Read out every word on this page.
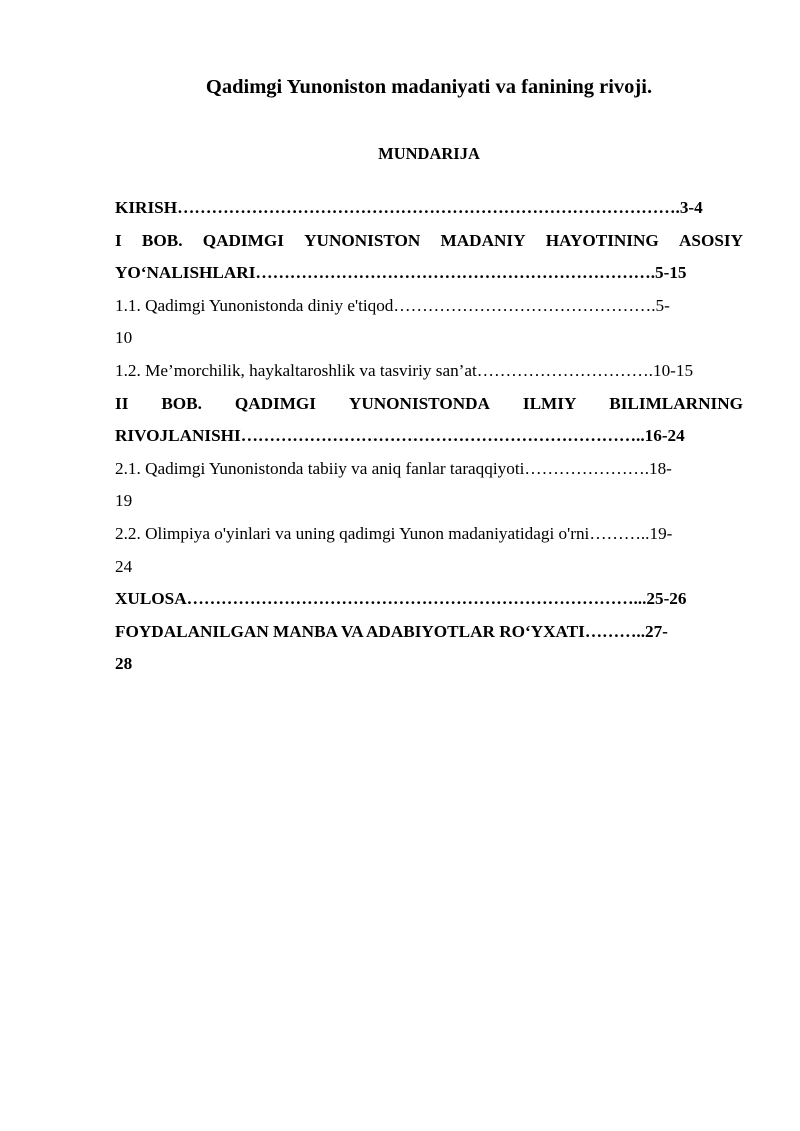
Qadimgi Yunoniston madaniyati va fanining rivoji.
MUNDARIJA
KIRISH…………………………………………………………………………….3-4
I BOB. QADIMGI YUNONISTON MADANIY HAYOTINING ASOSIY
YO‘NALISHLARI…………………………………………………………….5-15
1.1. Qadimgi Yunonistonda diniy e'tiqod……………………………………….5-
10
1.2. Me’morchilik, haykaltaroshlik va tasviriy san’at………………………….10-15
II BOB. QADIMGI YUNONISTONDA ILMIY BILIMLARNING
RIVOJLANISHI……………………………………………………………..16-24
2.1. Qadimgi Yunonistonda tabiiy va aniq fanlar taraqqiyoti………………….18-
19
2.2. Olimpiya o'yinlari va uning qadimgi Yunon madaniyatidagi o'rni………..19-
24
XULOSA……………………………………………………………………...25-26
FOYDALANILGAN MANBA VA ADABIYOTLAR RO‘YXATI………..27-
28
